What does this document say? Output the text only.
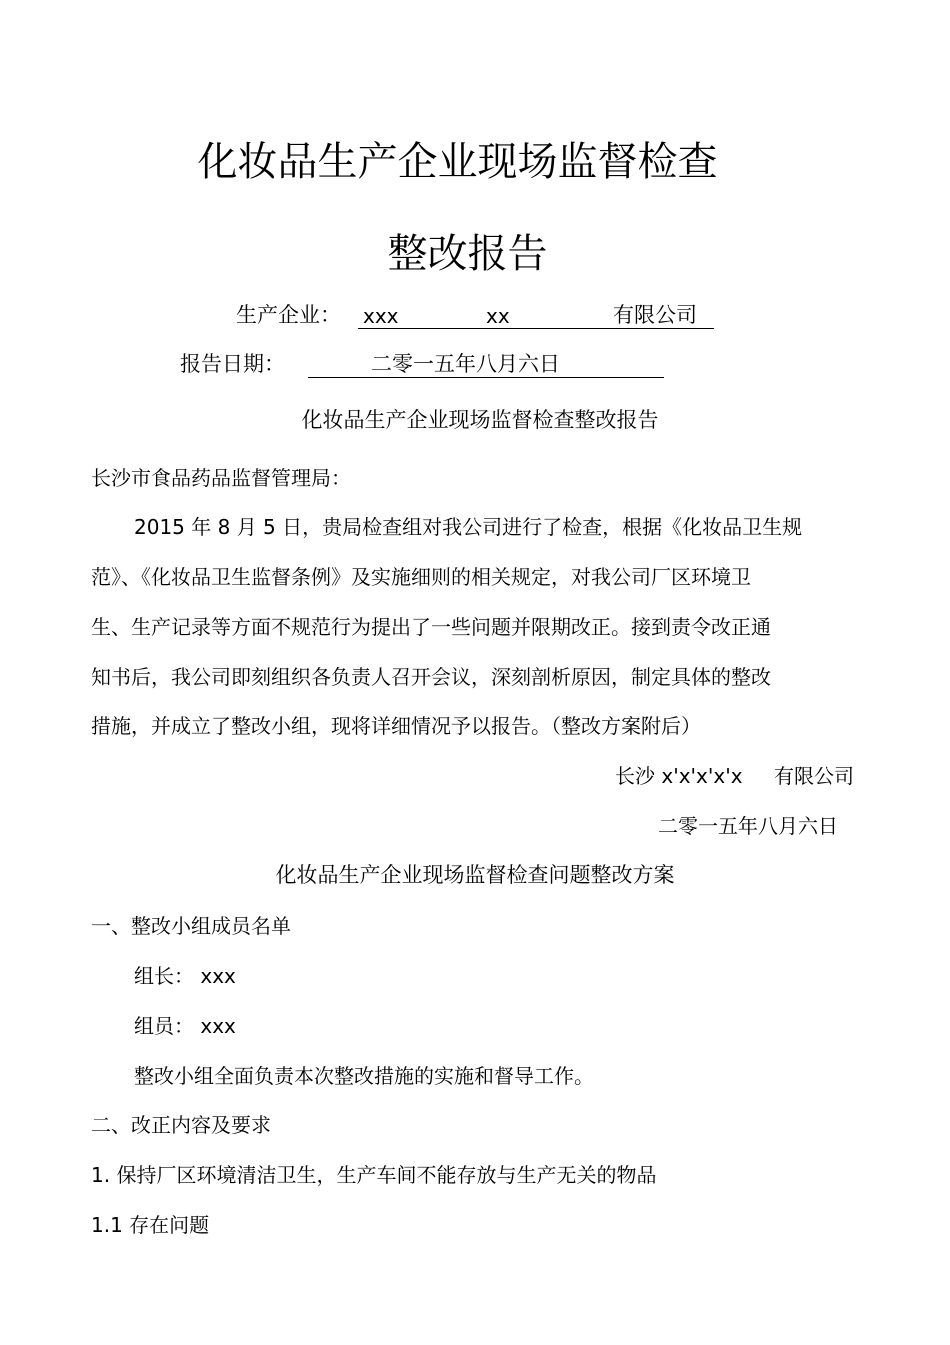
化妆品生产企业现场监督检查
整改报告
生产企业： xxx	xx	有限公司
报告日期：	二零一五年八月六日
化妆品生产企业现场监督检查整改报告

长沙市食品药品监督管理局：

2015 年 8 月 5 日，贵局检查组对我公司进行了检查，根据《化妆品卫生规

范》、《化妆品卫生监督条例》及实施细则的相关规定，对我公司厂区环境卫

生、生产记录等方面不规范行为提出了一些问题并限期改正。接到责令改正通

知书后，我公司即刻组织各负责人召开会议，深刻剖析原因，制定具体的整改

措施，并成立了整改小组，现将详细情况予以报告。（整改方案附后）

长沙 x'x'x'x'x 有限公司
二零一五年八月六日
化妆品生产企业现场监督检查问题整改方案

一、整改小组成员名单

组长： xxx

组员： xxx

整改小组全面负责本次整改措施的实施和督导工作。

二、改正内容及要求

1. 保持厂区环境清洁卫生，生产车间不能存放与生产无关的物品

1.1 存在问题
